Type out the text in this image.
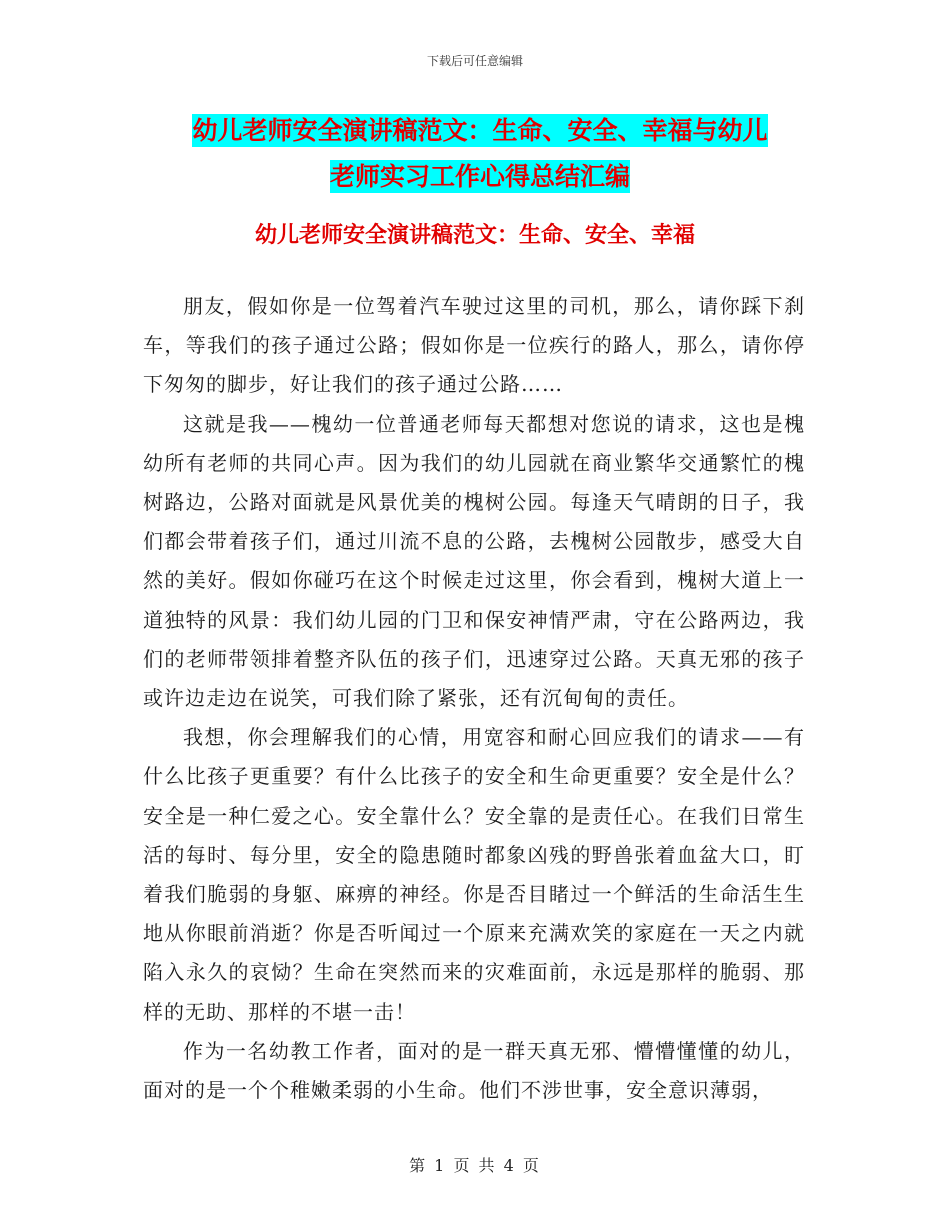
下载后可任意编辑
幼儿老师安全演讲稿范文：生命、安全、幸福与幼儿
老师实习工作心得总结汇编
幼儿老师安全演讲稿范文：生命、安全、幸福

朋友，假如你是一位驾着汽车驶过这里的司机，那么，请你踩下刹车，等我们的孩子通过公路；假如你是一位疾行的路人，那么，请你停下匆匆的脚步，好让我们的孩子通过公路……

这就是我——槐幼一位普通老师每天都想对您说的请求，这也是槐幼所有老师的共同心声。因为我们的幼儿园就在商业繁华交通繁忙的槐树路边，公路对面就是风景优美的槐树公园。每逢天气晴朗的日子，我们都会带着孩子们，通过川流不息的公路，去槐树公园散步，感受大自然的美好。假如你碰巧在这个时候走过这里，你会看到，槐树大道上一道独特的风景：我们幼儿园的门卫和保安神情严肃，守在公路两边，我们的老师带领排着整齐队伍的孩子们，迅速穿过公路。天真无邪的孩子或许边走边在说笑，可我们除了紧张，还有沉甸甸的责任。

我想，你会理解我们的心情，用宽容和耐心回应我们的请求——有什么比孩子更重要？有什么比孩子的安全和生命更重要？安全是什么？安全是一种仁爱之心。安全靠什么？安全靠的是责任心。在我们日常生活的每时、每分里，安全的隐患随时都象凶残的野兽张着血盆大口，盯着我们脆弱的身躯、麻痹的神经。你是否目睹过一个鲜活的生命活生生地从你眼前消逝？你是否听闻过一个原来充满欢笑的家庭在一天之内就陷入永久的哀恸？生命在突然而来的灾难面前，永远是那样的脆弱、那样的无助、那样的不堪一击！

作为一名幼教工作者，面对的是一群天真无邪、懵懵懂懂的幼儿，面对的是一个个稚嫩柔弱的小生命。他们不涉世事，安全意识薄弱，

第 1 页 共 4 页
